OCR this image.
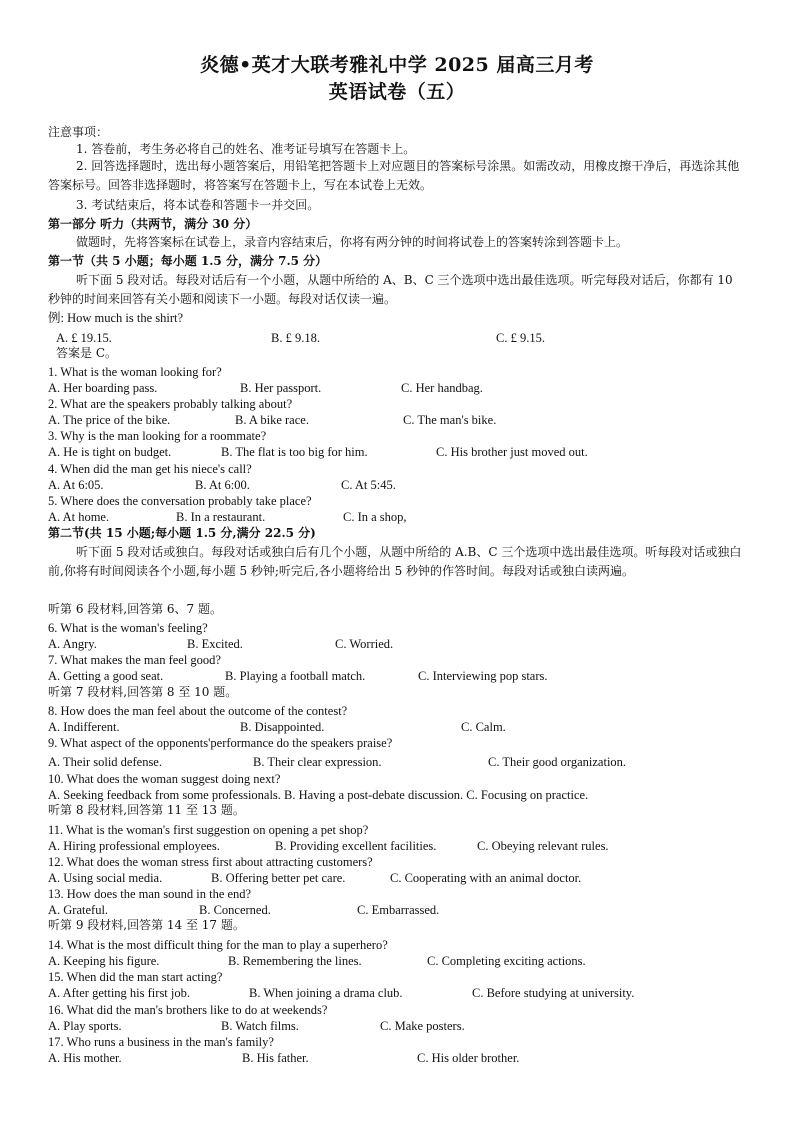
炎德•英才大联考雅礼中学 2025 届高三月考
英语试卷（五）
注意事项：
1. 答卷前，考生务必将自己的姓名、准考证号填写在答题卡上。
2. 回答选择题时，选出每小题答案后，用铅笔把答题卡上对应题目的答案标号涂黑。如需改动，用橡皮擦干净后，再选涂其他答案标号。回答非选择题时，将答案写在答题卡上，写在本试卷上无效。
3. 考试结束后，将本试卷和答题卡一并交回。
第一部分 听力（共两节，满分 30 分）
做题时，先将答案标在试卷上，录音内容结束后，你将有两分钟的时间将试卷上的答案转涂到答题卡上。
第一节（共 5 小题；每小题 1.5 分，满分 7.5 分）
听下面 5 段对话。每段对话后有一个小题，从题中所给的 A、B、C 三个选项中选出最佳选项。听完每段对话后，你都有 10 秒钟的时间来回答有关小题和阅读下一小题。每段对话仅读一遍。
例: How much is the shirt?
A. £ 19.15.	B. £ 9.18.	C. £ 9.15.
答案是 C。
1. What is the woman looking for?
A. Her boarding pass.	B. Her passport.	C. Her handbag.
2. What are the speakers probably talking about?
A. The price of the bike.	B. A bike race.	C. The man's bike.
3. Why is the man looking for a roommate?
A. He is tight on budget.	B. The flat is too big for him.	C. His brother just moved out.
4. When did the man get his niece's call?
A. At 6:05.	B. At 6:00.	C. At 5:45.
5. Where does the conversation probably take place?
A. At home.	B. In a restaurant.	C. In a shop,
第二节(共 15 小题;每小题 1.5 分,满分 22.5 分)
听下面 5 段对话或独白。每段对话或独白后有几个小题，从题中所给的 A.B、C 三个选项中选出最佳选项。听每段对话或独白前,你将有时间阅读各个小题,每小题 5 秒钟;听完后,各小题将给出 5 秒钟的作答时间。每段对话或独白读两遍。
听第 6 段材料,回答第 6、7 题。
6. What is the woman's feeling?
A. Angry.	B. Excited.	C. Worried.
7. What makes the man feel good?
A. Getting a good seat.	B. Playing a football match.	C. Interviewing pop stars.
听第 7 段材料,回答第 8 至 10 题。
8. How does the man feel about the outcome of the contest?
A. Indifferent.	B. Disappointed.	C. Calm.
9. What aspect of the opponents'performance do the speakers praise?
A. Their solid defense.	B. Their clear expression.	C. Their good organization.
10. What does the woman suggest doing next?
A. Seeking feedback from some professionals. B. Having a post-debate discussion. C. Focusing on practice.
听第 8 段材料,回答第 11 至 13 题。
11. What is the woman's first suggestion on opening a pet shop?
A. Hiring professional employees.	B. Providing excellent facilities.	C. Obeying relevant rules.
12. What does the woman stress first about attracting customers?
A. Using social media.	B. Offering better pet care.	C. Cooperating with an animal doctor.
13. How does the man sound in the end?
A. Grateful.	B. Concerned.	C. Embarrassed.
听第 9 段材料,回答第 14 至 17 题。
14. What is the most difficult thing for the man to play a superhero?
A. Keeping his figure.	B. Remembering the lines.	C. Completing exciting actions.
15. When did the man start acting?
A. After getting his first job.	B. When joining a drama club.	C. Before studying at university.
16. What did the man's brothers like to do at weekends?
A. Play sports.	B. Watch films.	C. Make posters.
17. Who runs a business in the man's family?
A. His mother.	B. His father.	C. His older brother.
